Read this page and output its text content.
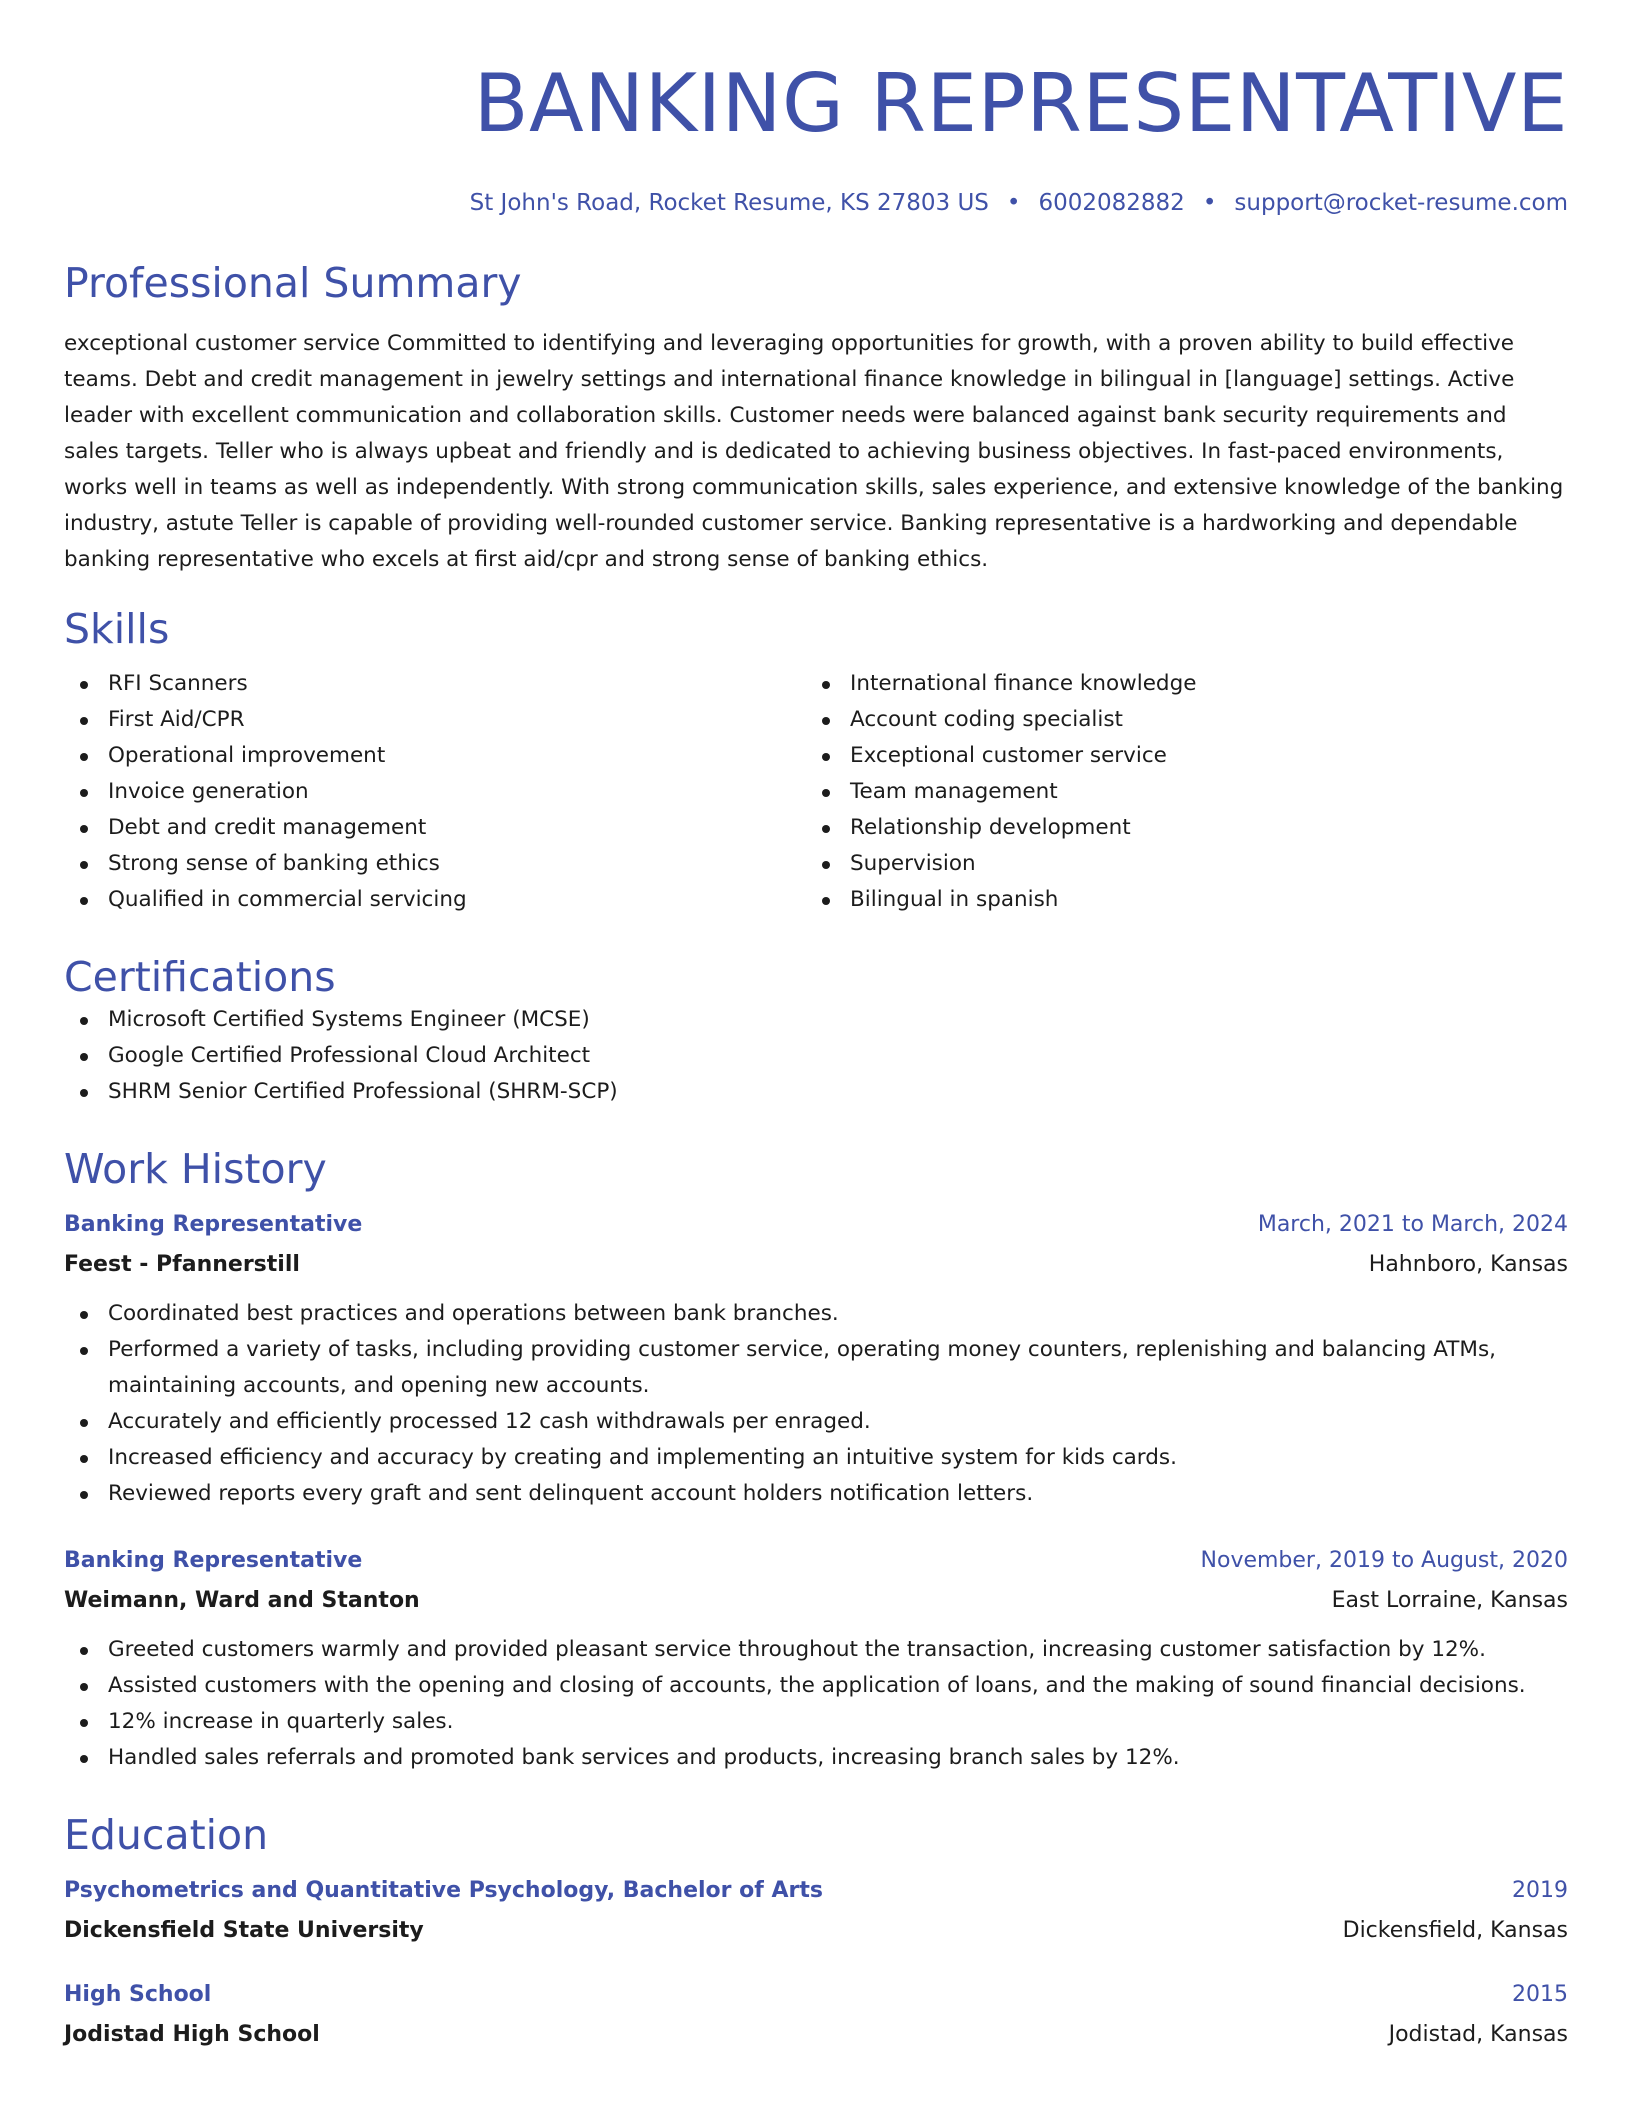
BANKING REPRESENTATIVE
St John's Road, Rocket Resume, KS 27803 US • 6002082882 • support@rocket-resume.com
Professional Summary
exceptional customer service Committed to identifying and leveraging opportunities for growth, with a proven ability to build effective teams. Debt and credit management in jewelry settings and international finance knowledge in bilingual in [language] settings. Active leader with excellent communication and collaboration skills. Customer needs were balanced against bank security requirements and sales targets. Teller who is always upbeat and friendly and is dedicated to achieving business objectives. In fast-paced environments, works well in teams as well as independently. With strong communication skills, sales experience, and extensive knowledge of the banking industry, astute Teller is capable of providing well-rounded customer service. Banking representative is a hardworking and dependable banking representative who excels at first aid/cpr and strong sense of banking ethics.
Skills
RFI Scanners
First Aid/CPR
Operational improvement
Invoice generation
Debt and credit management
Strong sense of banking ethics
Qualified in commercial servicing
International finance knowledge
Account coding specialist
Exceptional customer service
Team management
Relationship development
Supervision
Bilingual in spanish
Certifications
Microsoft Certified Systems Engineer (MCSE)
Google Certified Professional Cloud Architect
SHRM Senior Certified Professional (SHRM-SCP)
Work History
Banking Representative	March, 2021 to March, 2024
Feest - Pfannerstill	Hahnboro, Kansas
Coordinated best practices and operations between bank branches.
Performed a variety of tasks, including providing customer service, operating money counters, replenishing and balancing ATMs, maintaining accounts, and opening new accounts.
Accurately and efficiently processed 12 cash withdrawals per enraged.
Increased efficiency and accuracy by creating and implementing an intuitive system for kids cards.
Reviewed reports every graft and sent delinquent account holders notification letters.
Banking Representative	November, 2019 to August, 2020
Weimann, Ward and Stanton	East Lorraine, Kansas
Greeted customers warmly and provided pleasant service throughout the transaction, increasing customer satisfaction by 12%.
Assisted customers with the opening and closing of accounts, the application of loans, and the making of sound financial decisions.
12% increase in quarterly sales.
Handled sales referrals and promoted bank services and products, increasing branch sales by 12%.
Education
Psychometrics and Quantitative Psychology, Bachelor of Arts	2019
Dickensfield State University	Dickensfield, Kansas
High School	2015
Jodistad High School	Jodistad, Kansas
